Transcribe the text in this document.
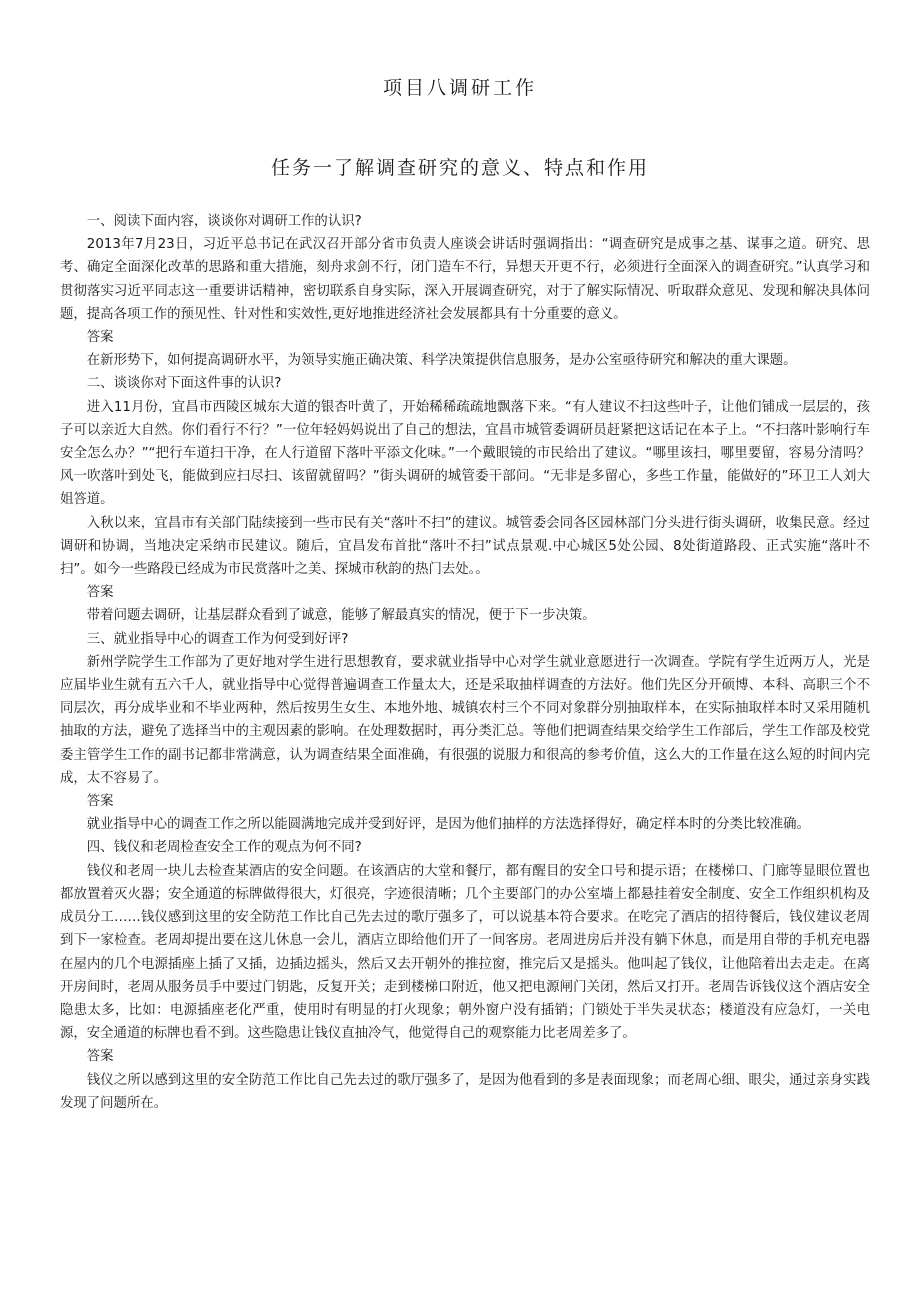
项目八调研工作
任务一了解调查研究的意义、特点和作用

一、阅读下面内容，谈谈你对调研工作的认识?

2013年7月23日，习近平总书记在武汉召开部分省市负责人座谈会讲话时强调指出：“调查研究是成事之基、谋事之道。研究、思考、确定全面深化改革的思路和重大措施，刻舟求剑不行，闭门造车不行，异想天开更不行，必须进行全面深入的调查研究。”认真学习和贯彻落实习近平同志这一重要讲话精神，密切联系自身实际，深入开展调查研究，对于了解实际情况、听取群众意见、发现和解决具体问题，提高各项工作的预见性、针对性和实效性,更好地推进经济社会发展都具有十分重要的意义。

答案

在新形势下，如何提高调研水平，为领导实施正确决策、科学决策提供信息服务，是办公室亟待研究和解决的重大课题。

二、谈谈你对下面这件事的认识?

进入11月份，宜昌市西陵区城东大道的银杏叶黄了，开始稀稀疏疏地飘落下来。“有人建议不扫这些叶子，让他们铺成一层层的，孩子可以亲近大自然。你们看行不行？”一位年轻妈妈说出了自己的想法，宜昌市城管委调研员赶紧把这话记在本子上。“不扫落叶影响行车安全怎么办？”“把行车道扫干净，在人行道留下落叶平添文化味。”一个戴眼镜的市民给出了建议。“哪里该扫，哪里要留，容易分清吗？风一吹落叶到处飞，能做到应扫尽扫、该留就留吗？”街头调研的城管委干部问。“无非是多留心，多些工作量，能做好的”环卫工人刘大姐答道。

入秋以来，宜昌市有关部门陆续接到一些市民有关“落叶不扫”的建议。城管委会同各区园林部门分头进行街头调研，收集民意。经过调研和协调，当地决定采纳市民建议。随后，宜昌发布首批“落叶不扫”试点景观.中心城区5处公园、8处街道路段、正式实施“落叶不扫”。如今一些路段已经成为市民赏落叶之美、探城市秋韵的热门去处。。

答案

带着问题去调研，让基层群众看到了诚意，能够了解最真实的情况，便于下一步决策。

三、就业指导中心的调查工作为何受到好评?

新州学院学生工作部为了更好地对学生进行思想教育，要求就业指导中心对学生就业意愿进行一次调查。学院有学生近两万人，光是应届毕业生就有五六千人，就业指导中心觉得普遍调查工作量太大，还是采取抽样调查的方法好。他们先区分开硕博、本科、高职三个不同层次，再分成毕业和不毕业两种，然后按男生女生、本地外地、城镇农村三个不同对象群分别抽取样本，在实际抽取样本时又采用随机抽取的方法，避免了选择当中的主观因素的影响。在处理数据时，再分类汇总。等他们把调查结果交给学生工作部后，学生工作部及校党委主管学生工作的副书记都非常满意，认为调查结果全面准确，有很强的说服力和很高的参考价值，这么大的工作量在这么短的时间内完成，太不容易了。

答案

就业指导中心的调查工作之所以能圆满地完成并受到好评，是因为他们抽样的方法选择得好，确定样本时的分类比较准确。

四、钱仪和老周检查安全工作的观点为何不同?

钱仪和老周一块儿去检查某酒店的安全问题。在该酒店的大堂和餐厅，都有醒目的安全口号和提示语；在楼梯口、门廊等显眼位置也都放置着灭火器；安全通道的标牌做得很大，灯很亮，字迹很清晰；几个主要部门的办公室墙上都悬挂着安全制度、安全工作组织机构及成员分工……钱仪感到这里的安全防范工作比自己先去过的歌厅强多了，可以说基本符合要求。在吃完了酒店的招待餐后，钱仪建议老周到下一家检查。老周却提出要在这儿休息一会儿，酒店立即给他们开了一间客房。老周进房后并没有躺下休息，而是用自带的手机充电器在屋内的几个电源插座上插了又插，边插边摇头，然后又去开朝外的推拉窗，推完后又是摇头。他叫起了钱仪，让他陪着出去走走。在离开房间时，老周从服务员手中要过门钥匙，反复开关；走到楼梯口附近，他又把电源闸门关闭，然后又打开。老周告诉钱仪这个酒店安全隐患太多，比如：电源插座老化严重，使用时有明显的打火现象；朝外窗户没有插销；门锁处于半失灵状态；楼道没有应急灯，一关电源，安全通道的标牌也看不到。这些隐患让钱仪直抽冷气，他觉得自己的观察能力比老周差多了。

答案

钱仪之所以感到这里的安全防范工作比自己先去过的歌厅强多了，是因为他看到的多是表面现象；而老周心细、眼尖，通过亲身实践发现了问题所在。
